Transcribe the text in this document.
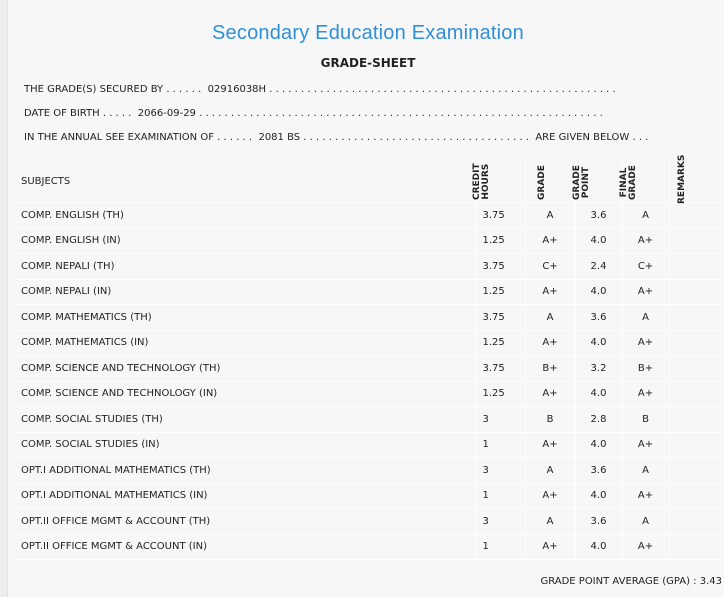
Secondary Education Examination
GRADE-SHEET
THE GRADE(S) SECURED BY . . . . . .  02916038H . . . . . . . . . . . . . . . . . . . . . . . . . . . . . . . . . . . . . . . . . . . . . . . . . . . . . . .
DATE OF BIRTH . . . . .  2066-09-29 . . . . . . . . . . . . . . . . . . . . . . . . . . . . . . . . . . . . . . . . . . . . . . . . . . . . . . . . . . . . . . . .
IN THE ANNUAL SEE EXAMINATION OF . . . . . .  2081 BS . . . . . . . . . . . . . . . . . . . . . . . . . . . . . . . . . . . .  ARE GIVEN BELOW . . .
SUBJECTS	CREDIT HOURS	GRADE	GRADE POINT	FINAL GRADE	REMARKS

COMP. ENGLISH (TH)	3.75	A	3.6	A	
COMP. ENGLISH (IN)	1.25	A+	4.0	A+	
COMP. NEPALI (TH)	3.75	C+	2.4	C+	
COMP. NEPALI (IN)	1.25	A+	4.0	A+	
COMP. MATHEMATICS (TH)	3.75	A	3.6	A	
COMP. MATHEMATICS (IN)	1.25	A+	4.0	A+	
COMP. SCIENCE AND TECHNOLOGY (TH)	3.75	B+	3.2	B+	
COMP. SCIENCE AND TECHNOLOGY (IN)	1.25	A+	4.0	A+	
COMP. SOCIAL STUDIES (TH)	3	B	2.8	B	
COMP. SOCIAL STUDIES (IN)	1	A+	4.0	A+	
OPT.I ADDITIONAL MATHEMATICS (TH)	3	A	3.6	A	
OPT.I ADDITIONAL MATHEMATICS (IN)	1	A+	4.0	A+	
OPT.II OFFICE MGMT & ACCOUNT (TH)	3	A	3.6	A	
OPT.II OFFICE MGMT & ACCOUNT (IN)	1	A+	4.0	A+	
GRADE POINT AVERAGE (GPA) : 3.43
